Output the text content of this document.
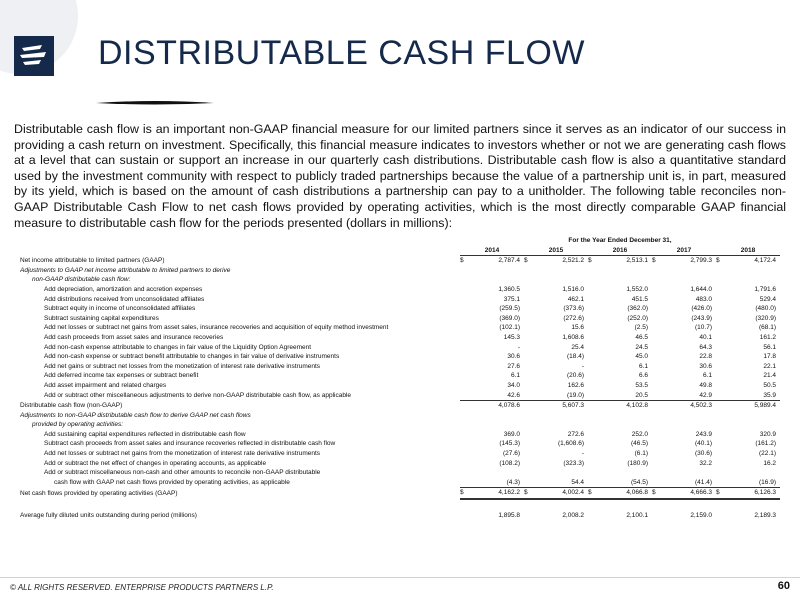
DISTRIBUTABLE CASH FLOW
Distributable cash flow is an important non-GAAP financial measure for our limited partners since it serves as an indicator of our success in providing a cash return on investment. Specifically, this financial measure indicates to investors whether or not we are generating cash flows at a level that can sustain or support an increase in our quarterly cash distributions. Distributable cash flow is also a quantitative standard used by the investment community with respect to publicly traded partnerships because the value of a partnership unit is, in part, measured by its yield, which is based on the amount of cash distributions a partnership can pay to a unitholder. The following table reconciles non-GAAP Distributable Cash Flow to net cash flows provided by operating activities, which is the most directly comparable GAAP financial measure to distributable cash flow for the periods presented (dollars in millions):
	For the Year Ended December 31,									
	2014		2015		2016		2017		2018	
Net income attributable to limited partners (GAAP)	$	2,787.4	$	2,521.2	$	2,513.1	$	2,799.3	$	4,172.4
Adjustments to GAAP net income attributable to limited partners to derive										
non-GAAP distributable cash flow:										
Add depreciation, amortization and accretion expenses		1,360.5		1,516.0		1,552.0		1,644.0		1,791.6
Add distributions received from unconsolidated affiliates		375.1		462.1		451.5		483.0		529.4
Subtract equity in income of unconsolidated affiliates		(259.5)		(373.6)		(362.0)		(426.0)		(480.0)
Subtract sustaining capital expenditures		(369.0)		(272.6)		(252.0)		(243.9)		(320.9)
Add net losses or subtract net gains from asset sales, insurance recoveries and acquisition of equity method investment		(102.1)		15.6		(2.5)		(10.7)		(68.1)
Add cash proceeds from asset sales and insurance recoveries		145.3		1,608.6		46.5		40.1		161.2
Add non-cash expense attributable to changes in fair value of the Liquidity Option Agreement		-		25.4		24.5		64.3		56.1
Add non-cash expense or subtract benefit attributable to changes in fair value of derivative instruments		30.6		(18.4)		45.0		22.8		17.8
Add net gains or subtract net losses from the monetization of interest rate derivative instruments		27.6		-		6.1		30.6		22.1
Add deferred income tax expenses or subtract benefit		6.1		(20.6)		6.6		6.1		21.4
Add asset impairment and related charges		34.0		162.6		53.5		49.8		50.5
Add or subtract other miscellaneous adjustments to derive non-GAAP distributable cash flow, as applicable		42.6		(19.0)		20.5		42.9		35.9
Distributable cash flow (non-GAAP)		4,078.6		5,607.3		4,102.8		4,502.3		5,989.4
Adjustments to non-GAAP distributable cash flow to derive GAAP net cash flows										
provided by operating activities:										
Add sustaining capital expenditures reflected in distributable cash flow		369.0		272.6		252.0		243.9		320.9
Subtract cash proceeds from asset sales and insurance recoveries reflected in distributable cash flow		(145.3)		(1,608.6)		(46.5)		(40.1)		(161.2)
Add net losses or subtract net gains from the monetization of interest rate derivative instruments		(27.6)		-		(6.1)		(30.6)		(22.1)
Add or subtract the net effect of changes in operating accounts, as applicable		(108.2)		(323.3)		(180.9)		32.2		16.2
Add or subtract miscellaneous non-cash and other amounts to reconcile non-GAAP distributable										
cash flow with GAAP net cash flows provided by operating activities, as applicable		(4.3)		54.4		(54.5)		(41.4)		(16.9)
Net cash flows provided by operating activities (GAAP)	$	4,162.2	$	4,002.4	$	4,066.8	$	4,666.3	$	6,126.3

Average fully diluted units outstanding during period (millions)		1,895.8		2,008.2		2,100.1		2,159.0		2,189.3
© ALL RIGHTS RESERVED. ENTERPRISE PRODUCTS PARTNERS L.P.	60
